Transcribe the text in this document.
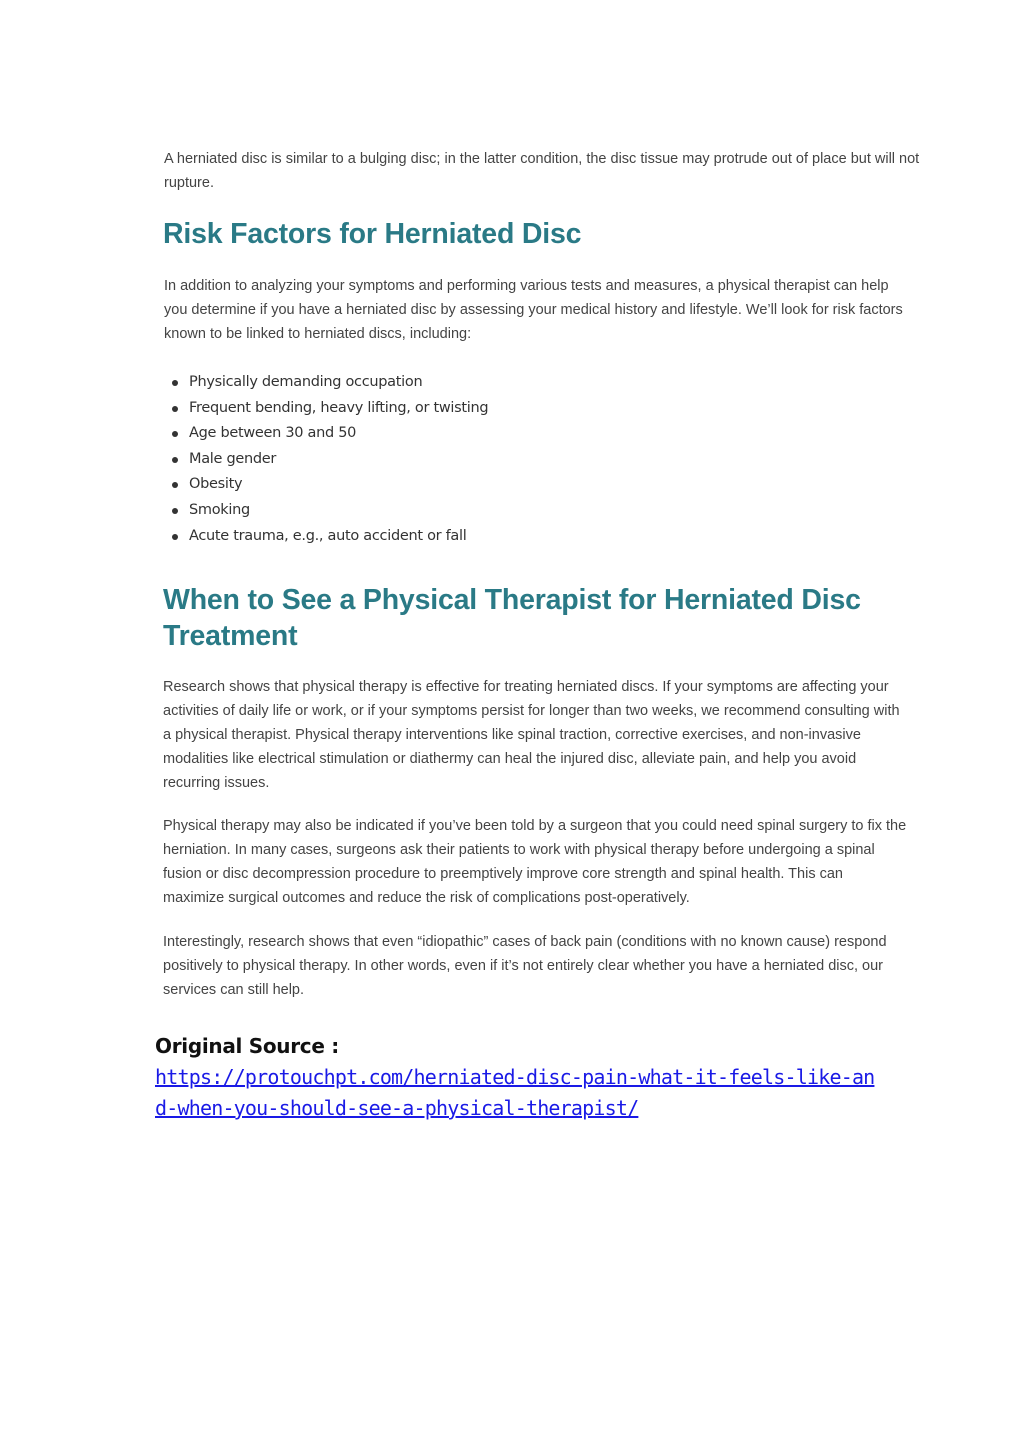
A herniated disc is similar to a bulging disc; in the latter condition, the disc tissue may protrude out of place but will not rupture.

Risk Factors for Herniated Disc

In addition to analyzing your symptoms and performing various tests and measures, a physical therapist can help you determine if you have a herniated disc by assessing your medical history and lifestyle. We’ll look for risk factors known to be linked to herniated discs, including:

Physically demanding occupation
Frequent bending, heavy lifting, or twisting
Age between 30 and 50
Male gender
Obesity
Smoking
Acute trauma, e.g., auto accident or fall
When to See a Physical Therapist for Herniated Disc Treatment

Research shows that physical therapy is effective for treating herniated discs. If your symptoms are affecting your activities of daily life or work, or if your symptoms persist for longer than two weeks, we recommend consulting with a physical therapist. Physical therapy interventions like spinal traction, corrective exercises, and non-invasive modalities like electrical stimulation or diathermy can heal the injured disc, alleviate pain, and help you avoid recurring issues.

Physical therapy may also be indicated if you’ve been told by a surgeon that you could need spinal surgery to fix the herniation. In many cases, surgeons ask their patients to work with physical therapy before undergoing a spinal fusion or disc decompression procedure to preemptively improve core strength and spinal health. This can maximize surgical outcomes and reduce the risk of complications post-operatively.

Interestingly, research shows that even “idiopathic” cases of back pain (conditions with no known cause) respond positively to physical therapy. In other words, even if it’s not entirely clear whether you have a herniated disc, our services can still help.

Original Source :

https://protouchpt.com/herniated-disc-pain-what-it-feels-like-and-when-you-should-see-a-physical-therapist/
